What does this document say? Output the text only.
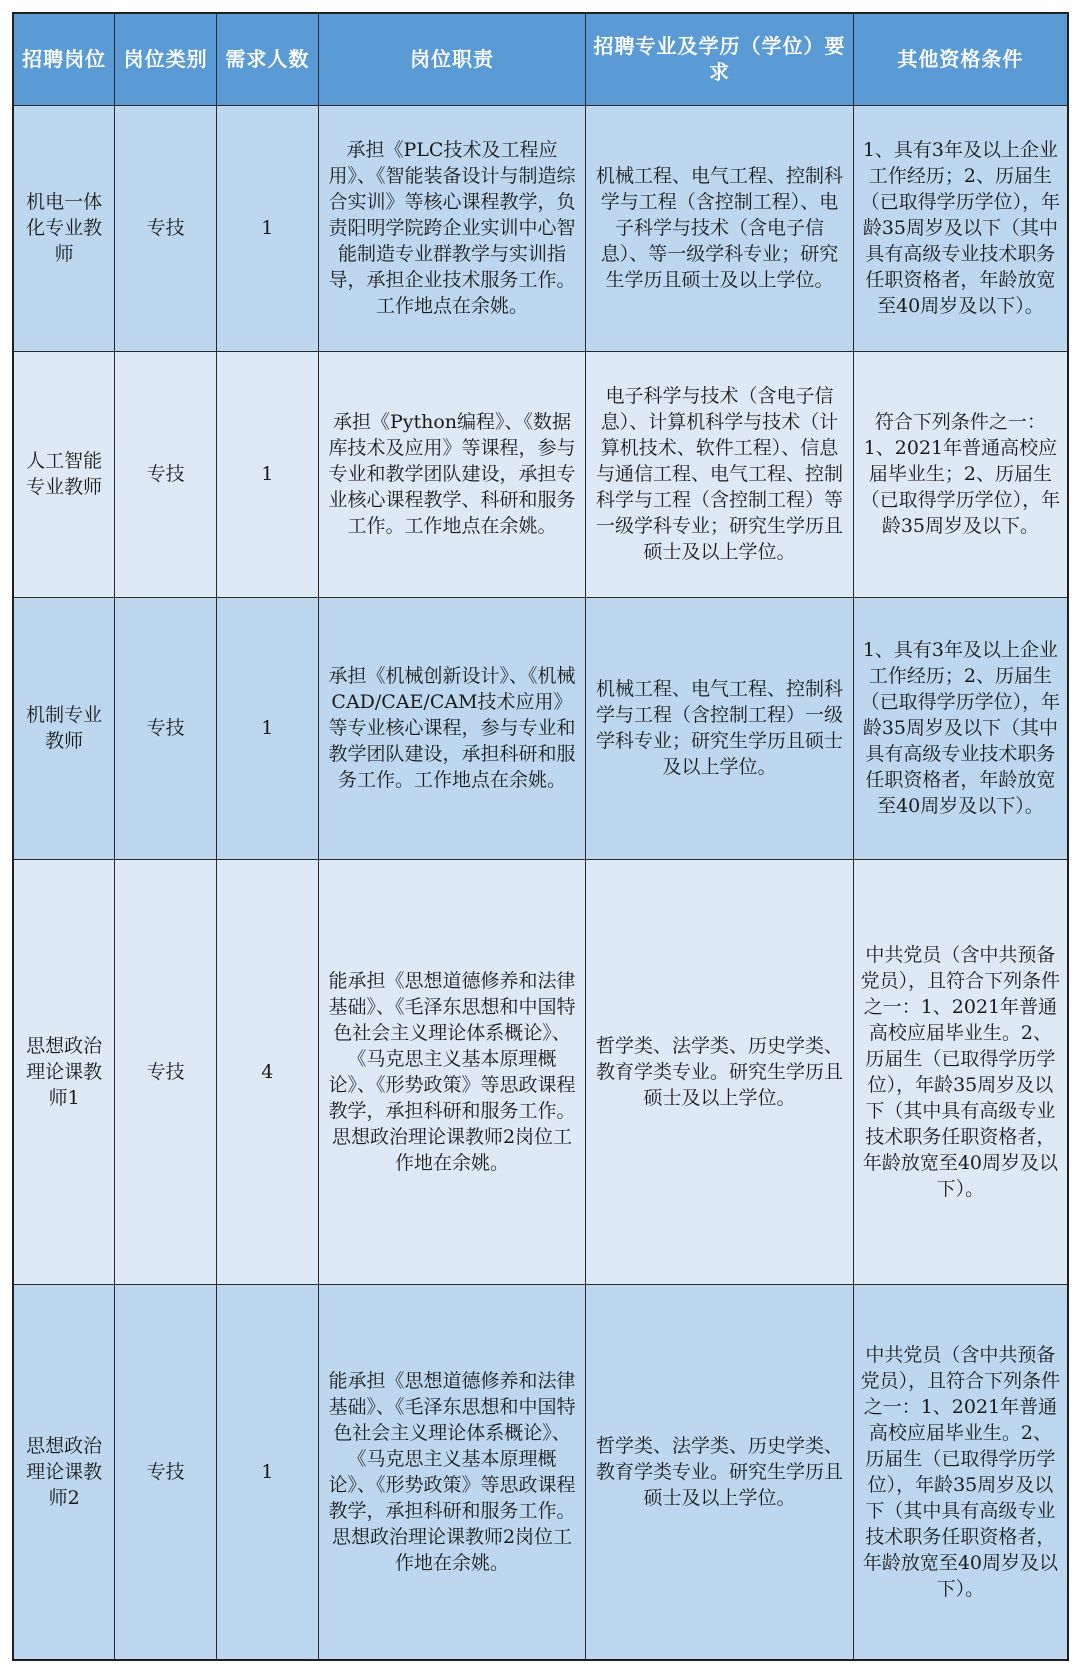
招聘岗位	岗位类别	需求人数	岗位职责	招聘专业及学历（学位）要求	其他资格条件
机电一体化专业教师	专技	1	承担《PLC技术及工程应用》、《智能装备设计与制造综合实训》等核心课程教学，负责阳明学院跨企业实训中心智能制造专业群教学与实训指导，承担企业技术服务工作。工作地点在余姚。	机械工程、电气工程、控制科学与工程（含控制工程）、电子科学与技术（含电子信息）、等一级学科专业；研究生学历且硕士及以上学位。	1、具有3年及以上企业工作经历；2、历届生（已取得学历学位），年龄35周岁及以下（其中具有高级专业技术职务任职资格者，年龄放宽至40周岁及以下）。
人工智能专业教师	专技	1	承担《Python编程》、《数据库技术及应用》等课程，参与专业和教学团队建设，承担专业核心课程教学、科研和服务工作。工作地点在余姚。	电子科学与技术（含电子信息）、计算机科学与技术（计算机技术、软件工程）、信息与通信工程、电气工程、控制科学与工程（含控制工程）等一级学科专业；研究生学历且硕士及以上学位。	符合下列条件之一：1、2021年普通高校应届毕业生；2、历届生（已取得学历学位），年龄35周岁及以下。
机制专业教师	专技	1	承担《机械创新设计》、《机械CAD/CAE/CAM技术应用》等专业核心课程，参与专业和教学团队建设，承担科研和服务工作。工作地点在余姚。	机械工程、电气工程、控制科学与工程（含控制工程）一级学科专业；研究生学历且硕士及以上学位。	1、具有3年及以上企业工作经历；2、历届生（已取得学历学位），年龄35周岁及以下（其中具有高级专业技术职务任职资格者，年龄放宽至40周岁及以下）。
思想政治理论课教师1	专技	4	能承担《思想道德修养和法律基础》、《毛泽东思想和中国特色社会主义理论体系概论》、《马克思主义基本原理概论》、《形势政策》等思政课程教学，承担科研和服务工作。思想政治理论课教师2岗位工作地在余姚。	哲学类、法学类、历史学类、教育学类专业。研究生学历且硕士及以上学位。	中共党员（含中共预备党员），且符合下列条件之一：1、2021年普通高校应届毕业生。2、历届生（已取得学历学位），年龄35周岁及以下（其中具有高级专业技术职务任职资格者，年龄放宽至40周岁及以下）。
思想政治理论课教师2	专技	1	能承担《思想道德修养和法律基础》、《毛泽东思想和中国特色社会主义理论体系概论》、《马克思主义基本原理概论》、《形势政策》等思政课程教学，承担科研和服务工作。思想政治理论课教师2岗位工作地在余姚。	哲学类、法学类、历史学类、教育学类专业。研究生学历且硕士及以上学位。	中共党员（含中共预备党员），且符合下列条件之一：1、2021年普通高校应届毕业生。2、历届生（已取得学历学位），年龄35周岁及以下（其中具有高级专业技术职务任职资格者，年龄放宽至40周岁及以下）。
